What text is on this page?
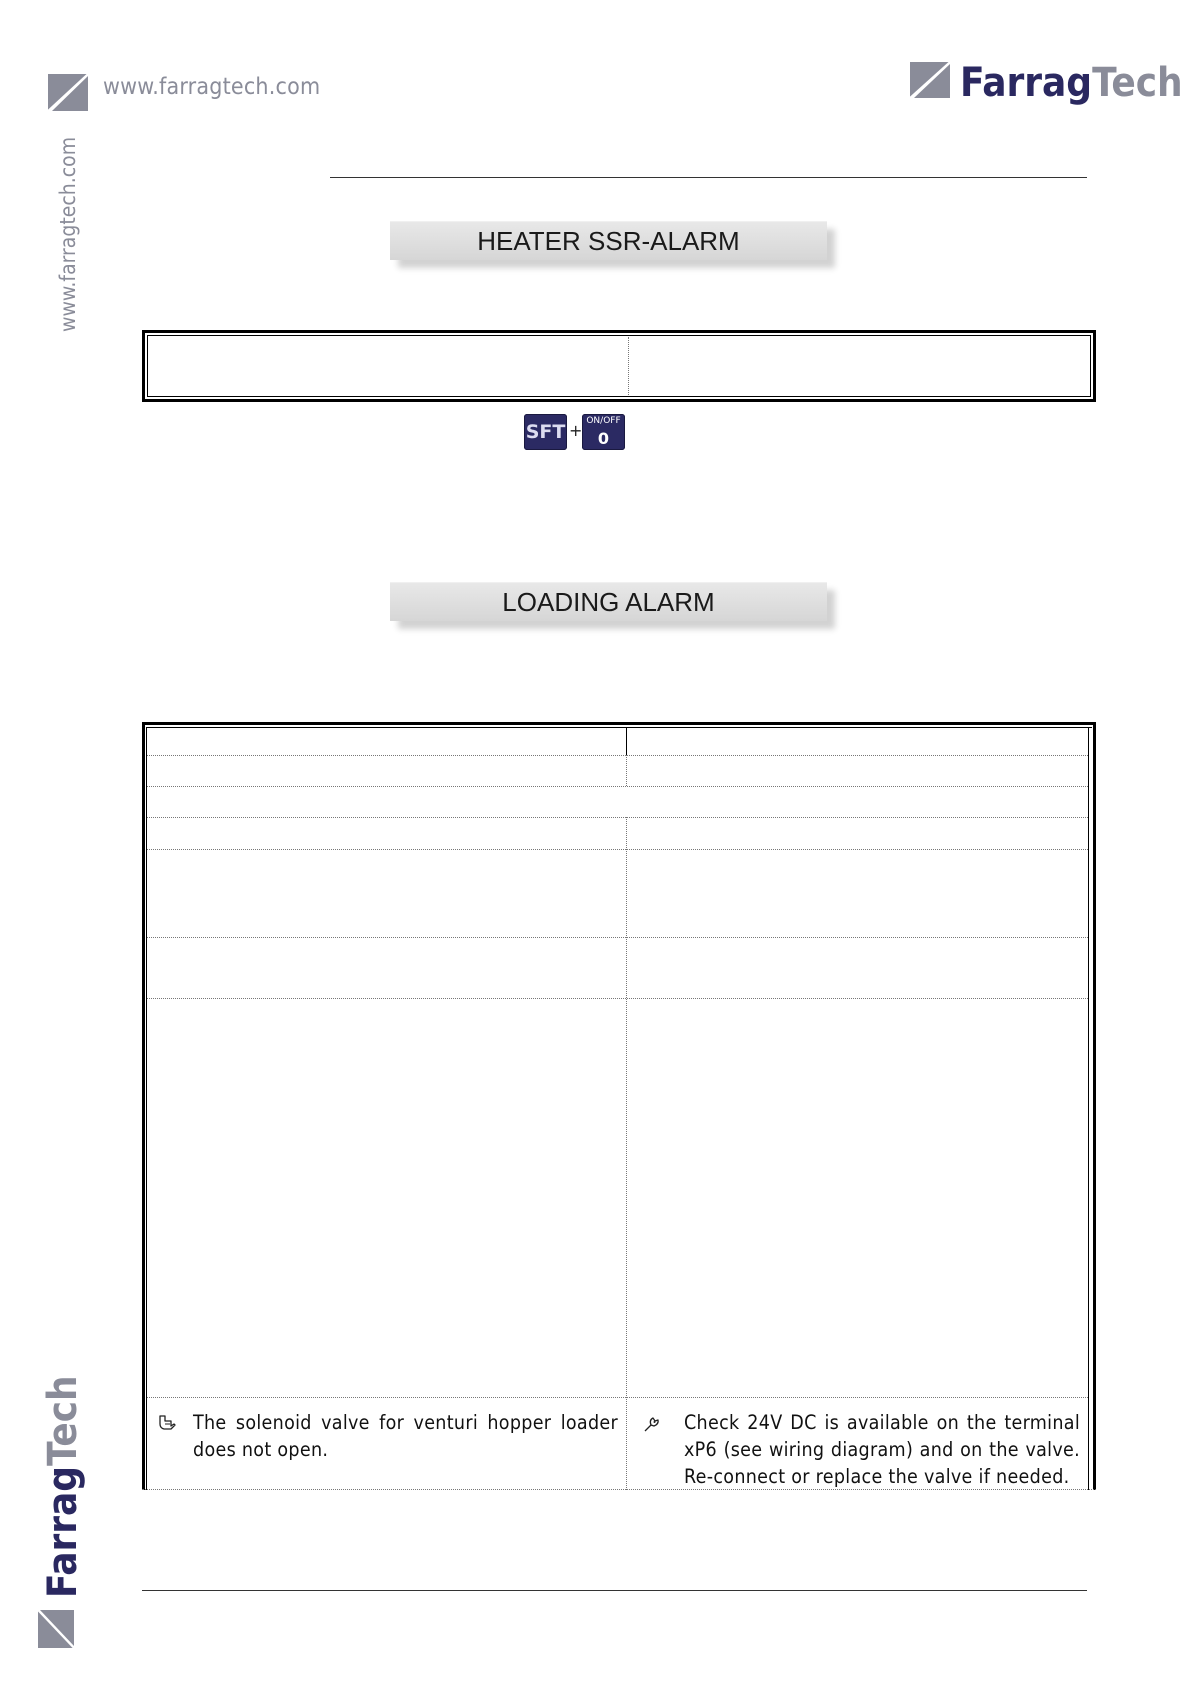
www.farragtech.com	FarragTech
www.farragtech.com
FarragTech
HEATER SSR-ALARM
SFT + ON/OFF
0
LOADING ALARM
The solenoid valve for venturi hopper loader does not open.
Check 24V DC is available on the terminal xP6 (see wiring diagram) and on the valve. Re-connect or replace the valve if needed.
